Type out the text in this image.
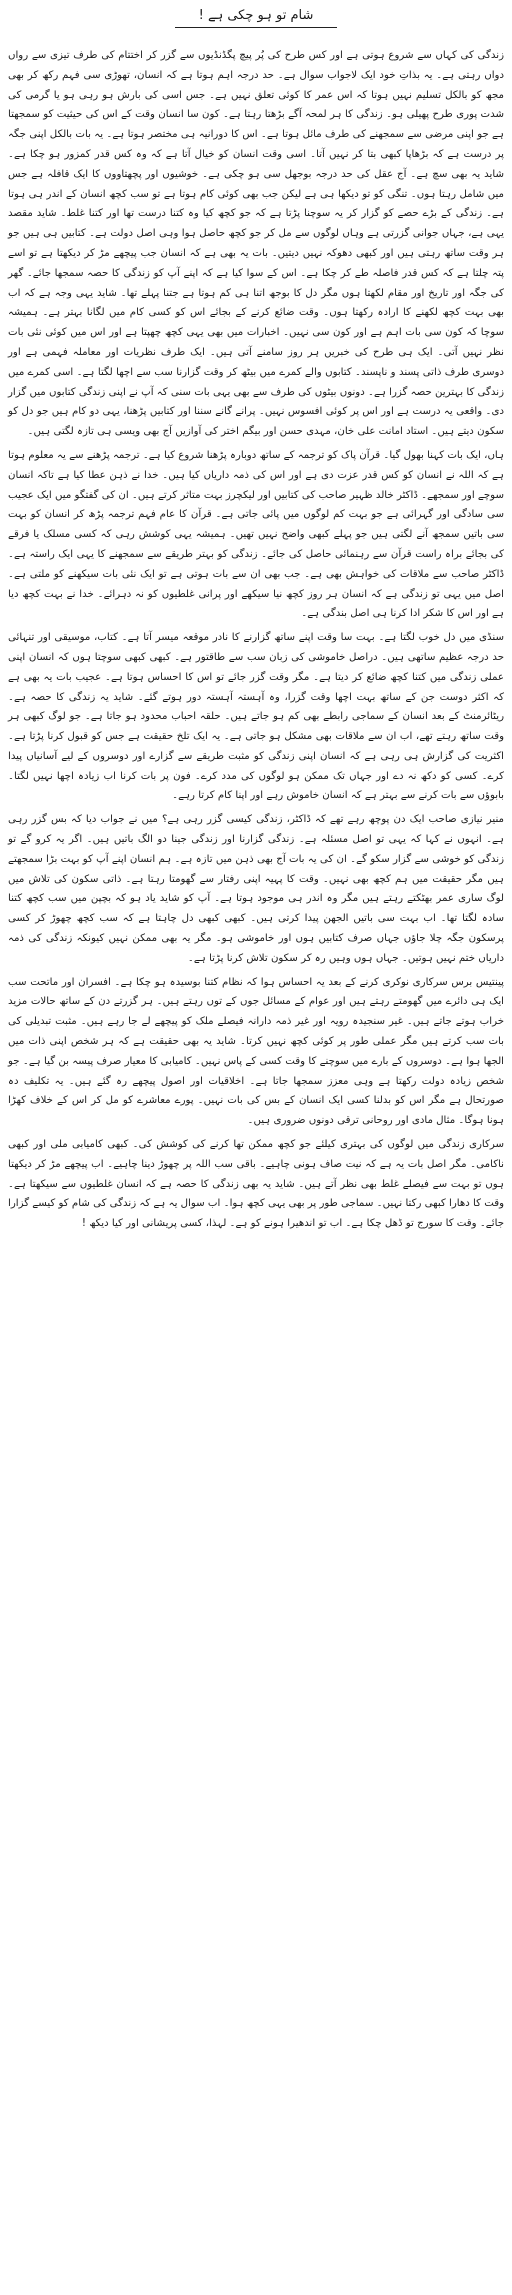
شام تو ہو چکی ہے !

زندگی کی کہاں سے شروع ہوتی ہے اور کس طرح کی پُر پیچ پگڈنڈیوں سے گزر کر اختتام کی طرف تیزی سے رواں دواں رہتی ہے۔ یہ بذاتِ خود ایک لاجواب سوال ہے۔ حد درجہ اہم ہوتا ہے کہ انسان، تھوڑی سی فہم رکھ کر بھی مجھ کو بالکل تسلیم نہیں ہوتا کہ اس عمر کا کوئی تعلق نہیں ہے۔ جس اسی کی بارش ہو رہی ہو یا گرمی کی شدت پوری طرح پھیلی ہو۔ زندگی کا ہر لمحہ آگے بڑھتا رہتا ہے۔ کون سا انسان وقت کے اس کی حیثیت کو سمجھتا ہے جو اپنی مرضی سے سمجھنے کی طرف مائل ہوتا ہے۔ اس کا دورانیہ ہی مختصر ہوتا ہے۔ یہ بات بالکل اپنی جگہ پر درست ہے کہ بڑھاپا کبھی بتا کر نہیں آتا۔ اسی وقت انسان کو خیال آتا ہے کہ وہ کس قدر کمزور ہو چکا ہے۔ شاید یہ بھی سچ ہے۔ آج عقل کی حد درجہ بوجھل سی ہو چکی ہے۔ خوشیوں اور پچھتاووں کا ایک قافلہ ہے جس میں شامل رہتا ہوں۔ تنگی کو تو دیکھا ہی ہے لیکن جب بھی کوئی کام ہوتا ہے تو سب کچھ انسان کے اندر ہی ہوتا ہے۔ زندگی کے بڑے حصے کو گزار کر یہ سوچنا پڑتا ہے کہ جو کچھ کیا وہ کتنا درست تھا اور کتنا غلط۔ شاید مقصد یہی ہے، جہاں جوانی گزرتی ہے وہاں لوگوں سے مل کر جو کچھ حاصل ہوا وہی اصل دولت ہے۔ کتابیں ہی ہیں جو ہر وقت ساتھ رہتی ہیں اور کبھی دھوکہ نہیں دیتیں۔ بات یہ بھی ہے کہ انسان جب پیچھے مڑ کر دیکھتا ہے تو اسے پتہ چلتا ہے کہ کس قدر فاصلہ طے کر چکا ہے۔ اس کے سوا کیا ہے کہ اپنے آپ کو زندگی کا حصہ سمجھا جائے۔ گھر کی جگہ اور تاریخ اور مقام لکھتا ہوں مگر دل کا بوجھ اتنا ہی کم ہوتا ہے جتنا پہلے تھا۔ شاید یہی وجہ ہے کہ اب بھی بہت کچھ لکھنے کا ارادہ رکھتا ہوں۔ وقت ضائع کرنے کے بجائے اس کو کسی کام میں لگانا بہتر ہے۔ ہمیشہ سوچا کہ کون سی بات اہم ہے اور کون سی نہیں۔ اخبارات میں بھی یہی کچھ چھپتا ہے اور اس میں کوئی نئی بات نظر نہیں آتی۔ ایک ہی طرح کی خبریں ہر روز سامنے آتی ہیں۔ ایک طرف نظریات اور معاملہ فہمی ہے اور دوسری طرف ذاتی پسند و ناپسند۔ کتابوں والے کمرے میں بیٹھ کر وقت گزارنا سب سے اچھا لگتا ہے۔ اسی کمرے میں زندگی کا بہترین حصہ گزرا ہے۔ دونوں بیٹوں کی طرف سے بھی یہی بات سنی کہ آپ نے اپنی زندگی کتابوں میں گزار دی۔ واقعی یہ درست ہے اور اس پر کوئی افسوس نہیں۔ پرانے گانے سننا اور کتابیں پڑھنا، یہی دو کام ہیں جو دل کو سکون دیتے ہیں۔ استاد امانت علی خان، مہدی حسن اور بیگم اختر کی آوازیں آج بھی ویسی ہی تازہ لگتی ہیں۔

ہاں، ایک بات کہنا بھول گیا۔ قرآن پاک کو ترجمہ کے ساتھ دوبارہ پڑھنا شروع کیا ہے۔ ترجمہ پڑھنے سے یہ معلوم ہوتا ہے کہ اللہ نے انسان کو کس قدر عزت دی ہے اور اس کی ذمہ داریاں کیا ہیں۔ خدا نے ذہن عطا کیا ہے تاکہ انسان سوچے اور سمجھے۔ ڈاکٹر خالد ظہیر صاحب کی کتابیں اور لیکچرز بہت متاثر کرتے ہیں۔ ان کی گفتگو میں ایک عجیب سی سادگی اور گہرائی ہے جو بہت کم لوگوں میں پائی جاتی ہے۔ قرآن کا عام فہم ترجمہ پڑھ کر انسان کو بہت سی باتیں سمجھ آنے لگتی ہیں جو پہلے کبھی واضح نہیں تھیں۔ ہمیشہ یہی کوشش رہی کہ کسی مسلک یا فرقے کی بجائے براہ راست قرآن سے رہنمائی حاصل کی جائے۔ زندگی کو بہتر طریقے سے سمجھنے کا یہی ایک راستہ ہے۔ ڈاکٹر صاحب سے ملاقات کی خواہش بھی ہے۔ جب بھی ان سے بات ہوتی ہے تو ایک نئی بات سیکھنے کو ملتی ہے۔ اصل میں یہی تو زندگی ہے کہ انسان ہر روز کچھ نیا سیکھے اور پرانی غلطیوں کو نہ دہرائے۔ خدا نے بہت کچھ دیا ہے اور اس کا شکر ادا کرنا ہی اصل بندگی ہے۔

سنڈی میں دل خوب لگتا ہے۔ بہت سا وقت اپنے ساتھ گزارنے کا نادر موقعہ میسر آتا ہے۔ کتاب، موسیقی اور تنہائی حد درجہ عظیم ساتھی ہیں۔ دراصل خاموشی کی زبان سب سے طاقتور ہے۔ کبھی کبھی سوچتا ہوں کہ انسان اپنی عملی زندگی میں کتنا کچھ ضائع کر دیتا ہے۔ مگر وقت گزر جائے تو اس کا احساس ہوتا ہے۔ عجیب بات یہ بھی ہے کہ اکثر دوست جن کے ساتھ بہت اچھا وقت گزرا، وہ آہستہ آہستہ دور ہوتے گئے۔ شاید یہ زندگی کا حصہ ہے۔ ریٹائرمنٹ کے بعد انسان کے سماجی رابطے بھی کم ہو جاتے ہیں۔ حلقہ احباب محدود ہو جاتا ہے۔ جو لوگ کبھی ہر وقت ساتھ رہتے تھے، اب ان سے ملاقات بھی مشکل ہو جاتی ہے۔ یہ ایک تلخ حقیقت ہے جس کو قبول کرنا پڑتا ہے۔ اکثریت کی گزارش ہی رہی ہے کہ انسان اپنی زندگی کو مثبت طریقے سے گزارے اور دوسروں کے لیے آسانیاں پیدا کرے۔ کسی کو دکھ نہ دے اور جہاں تک ممکن ہو لوگوں کی مدد کرے۔ فون پر بات کرنا اب زیادہ اچھا نہیں لگتا۔ بابوؤں سے بات کرنے سے بہتر ہے کہ انسان خاموش رہے اور اپنا کام کرتا رہے۔

منیر نیازی صاحب ایک دن پوچھ رہے تھے کہ ڈاکٹر، زندگی کیسی گزر رہی ہے؟ میں نے جواب دیا کہ بس گزر رہی ہے۔ انہوں نے کہا کہ یہی تو اصل مسئلہ ہے۔ زندگی گزارنا اور زندگی جینا دو الگ باتیں ہیں۔ اگر یہ کرو گے تو زندگی کو خوشی سے گزار سکو گے۔ ان کی یہ بات آج بھی ذہن میں تازہ ہے۔ ہم انسان اپنے آپ کو بہت بڑا سمجھتے ہیں مگر حقیقت میں ہم کچھ بھی نہیں۔ وقت کا پہیہ اپنی رفتار سے گھومتا رہتا ہے۔ ذاتی سکون کی تلاش میں لوگ ساری عمر بھٹکتے رہتے ہیں مگر وہ اندر ہی موجود ہوتا ہے۔ آپ کو شاید یاد ہو کہ بچپن میں سب کچھ کتنا سادہ لگتا تھا۔ اب بہت سی باتیں الجھن پیدا کرتی ہیں۔ کبھی کبھی دل چاہتا ہے کہ سب کچھ چھوڑ کر کسی پرسکون جگہ چلا جاؤں جہاں صرف کتابیں ہوں اور خاموشی ہو۔ مگر یہ بھی ممکن نہیں کیونکہ زندگی کی ذمہ داریاں ختم نہیں ہوتیں۔ جہاں ہوں وہیں رہ کر سکون تلاش کرنا پڑتا ہے۔

پینتیس برس سرکاری نوکری کرنے کے بعد یہ احساس ہوا کہ نظام کتنا بوسیدہ ہو چکا ہے۔ افسران اور ماتحت سب ایک ہی دائرے میں گھومتے رہتے ہیں اور عوام کے مسائل جوں کے توں رہتے ہیں۔ ہر گزرتے دن کے ساتھ حالات مزید خراب ہوتے جاتے ہیں۔ غیر سنجیدہ رویہ اور غیر ذمہ دارانہ فیصلے ملک کو پیچھے لے جا رہے ہیں۔ مثبت تبدیلی کی بات سب کرتے ہیں مگر عملی طور پر کوئی کچھ نہیں کرتا۔ شاید یہ بھی حقیقت ہے کہ ہر شخص اپنی ذات میں الجھا ہوا ہے۔ دوسروں کے بارے میں سوچنے کا وقت کسی کے پاس نہیں۔ کامیابی کا معیار صرف پیسہ بن گیا ہے۔ جو شخص زیادہ دولت رکھتا ہے وہی معزز سمجھا جاتا ہے۔ اخلاقیات اور اصول پیچھے رہ گئے ہیں۔ یہ تکلیف دہ صورتحال ہے مگر اس کو بدلنا کسی ایک انسان کے بس کی بات نہیں۔ پورے معاشرے کو مل کر اس کے خلاف کھڑا ہونا ہوگا۔ مثال مادی اور روحانی ترقی دونوں ضروری ہیں۔

سرکاری زندگی میں لوگوں کی بہتری کیلئے جو کچھ ممکن تھا کرنے کی کوشش کی۔ کبھی کامیابی ملی اور کبھی ناکامی۔ مگر اصل بات یہ ہے کہ نیت صاف ہونی چاہیے۔ باقی سب اللہ پر چھوڑ دینا چاہیے۔ اب پیچھے مڑ کر دیکھتا ہوں تو بہت سے فیصلے غلط بھی نظر آتے ہیں۔ شاید یہ بھی زندگی کا حصہ ہے کہ انسان غلطیوں سے سیکھتا ہے۔ وقت کا دھارا کبھی رکتا نہیں۔ سماجی طور پر بھی یہی کچھ ہوا۔ اب سوال یہ ہے کہ زندگی کی شام کو کیسے گزارا جائے۔ وقت کا سورج تو ڈھل چکا ہے۔ اب تو اندھیرا ہونے کو ہے۔ لہذا، کسی پریشانی اور کیا دیکھ !
